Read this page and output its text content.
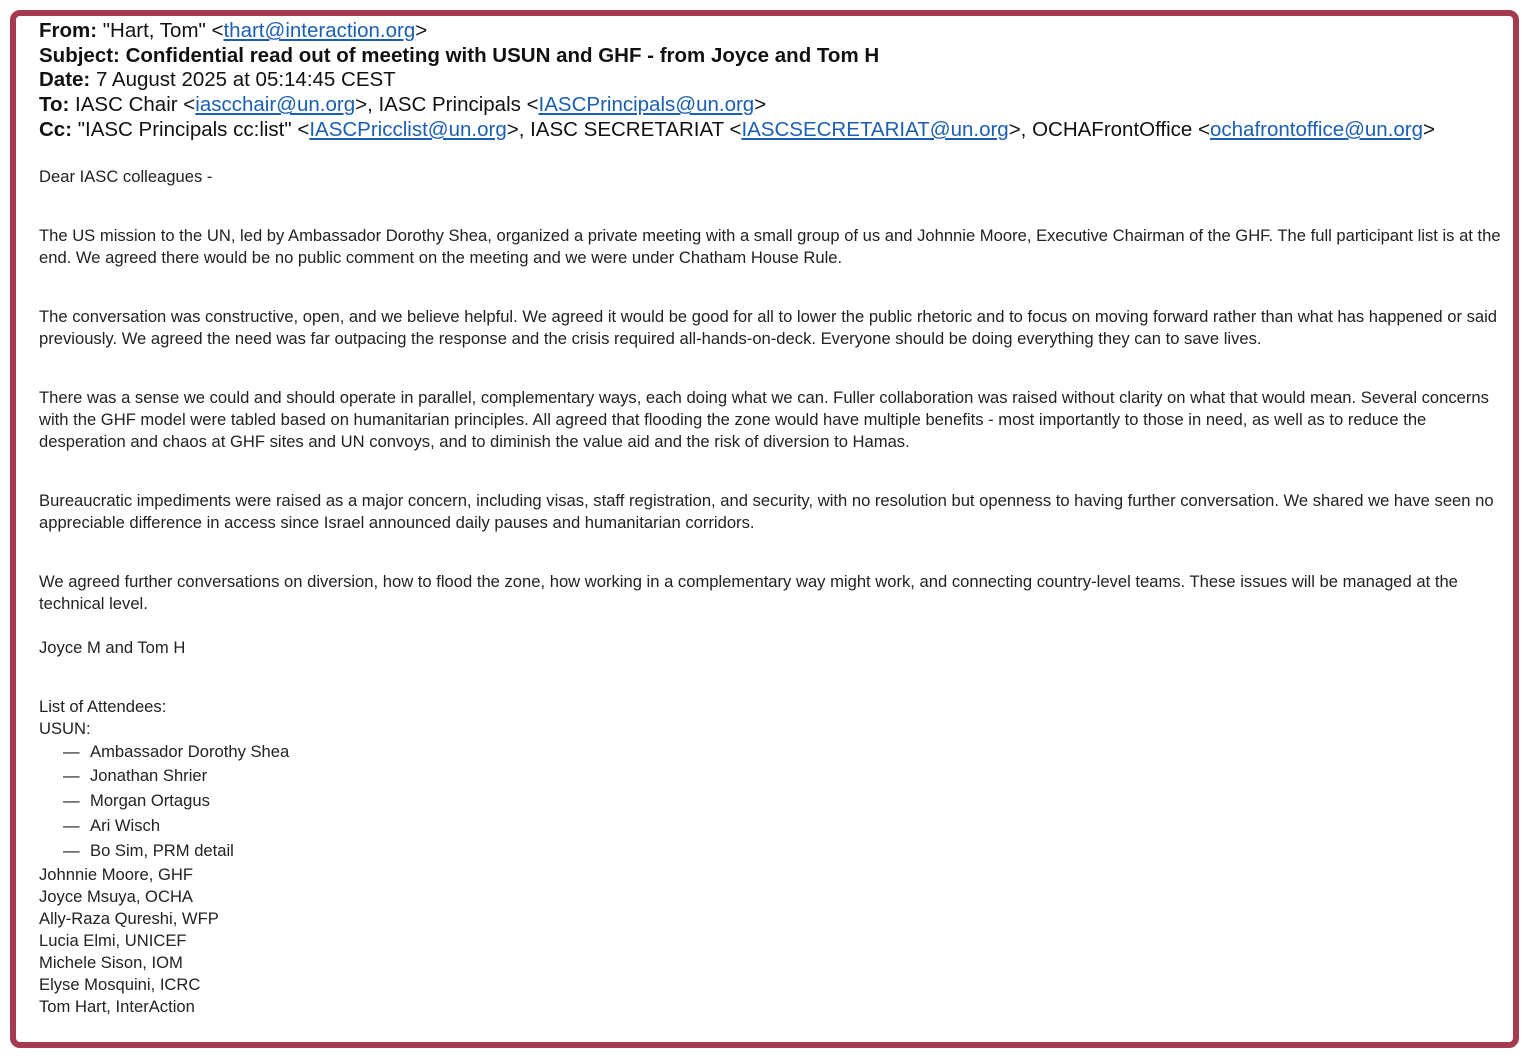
From: "Hart, Tom" <thart@interaction.org>
Subject: Confidential read out of meeting with USUN and GHF - from Joyce and Tom H
Date: 7 August 2025 at 05:14:45 CEST
To: IASC Chair <iascchair@un.org>, IASC Principals <IASCPrincipals@un.org>
Cc: "IASC Principals cc:list" <IASCPricclist@un.org>, IASC SECRETARIAT <IASCSECRETARIAT@un.org>, OCHAFrontOffice <ochafrontoffice@un.org>

Dear IASC colleagues -

The US mission to the UN, led by Ambassador Dorothy Shea, organized a private meeting with a small group of us and Johnnie Moore, Executive Chairman of the GHF. The full participant list is at the end. We agreed there would be no public comment on the meeting and we were under Chatham House Rule.

The conversation was constructive, open, and we believe helpful. We agreed it would be good for all to lower the public rhetoric and to focus on moving forward rather than what has happened or said previously. We agreed the need was far outpacing the response and the crisis required all-hands-on-deck. Everyone should be doing everything they can to save lives.

There was a sense we could and should operate in parallel, complementary ways, each doing what we can. Fuller collaboration was raised without clarity on what that would mean. Several concerns with the GHF model were tabled based on humanitarian principles. All agreed that flooding the zone would have multiple benefits - most importantly to those in need, as well as to reduce the desperation and chaos at GHF sites and UN convoys, and to diminish the value aid and the risk of diversion to Hamas.

Bureaucratic impediments were raised as a major concern, including visas, staff registration, and security, with no resolution but openness to having further conversation. We shared we have seen no appreciable difference in access since Israel announced daily pauses and humanitarian corridors.

We agreed further conversations on diversion, how to flood the zone, how working in a complementary way might work, and connecting country-level teams. These issues will be managed at the technical level.

Joyce M and Tom H

List of Attendees:

USUN:

— Ambassador Dorothy Shea
— Jonathan Shrier
— Morgan Ortagus
— Ari Wisch
— Bo Sim, PRM detail

Johnnie Moore, GHF

Joyce Msuya, OCHA

Ally-Raza Qureshi, WFP

Lucia Elmi, UNICEF

Michele Sison, IOM

Elyse Mosquini, ICRC

Tom Hart, InterAction
